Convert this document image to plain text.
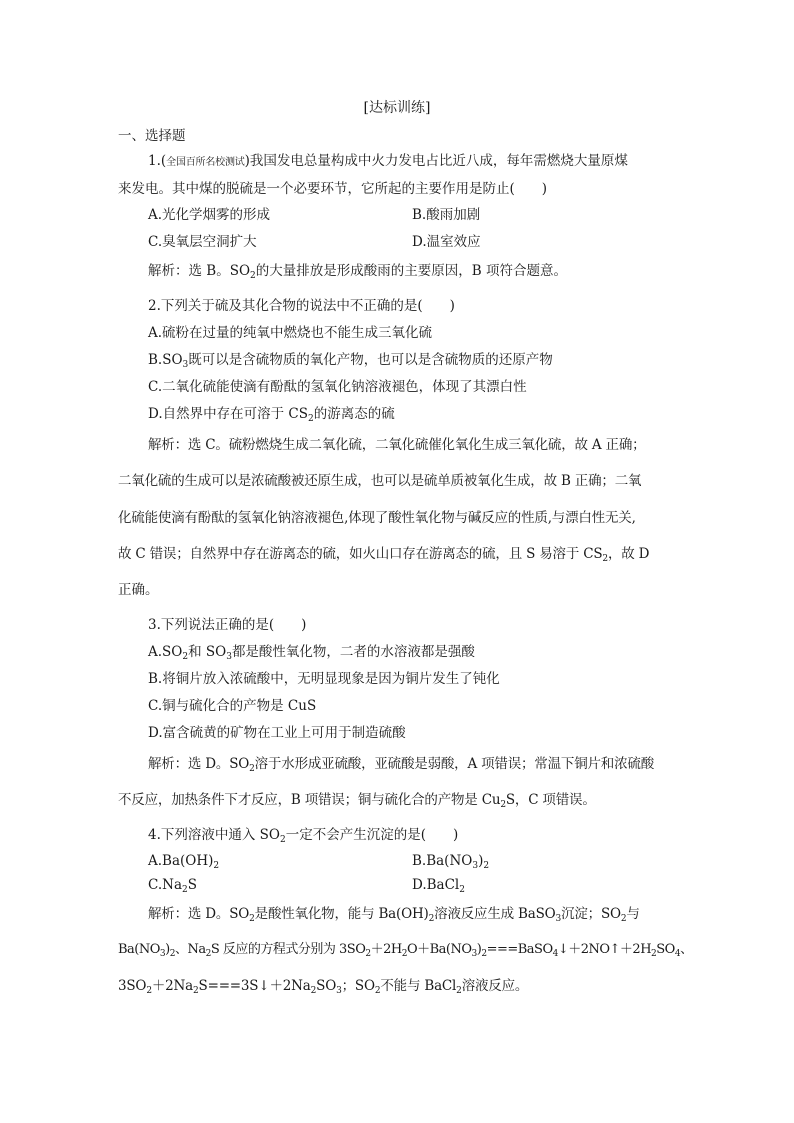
[达标训练]
一、选择题
1.(全国百所名校测试)我国发电总量构成中火力发电占比近八成，每年需燃烧大量原煤
来发电。其中煤的脱硫是一个必要环节，它所起的主要作用是防止(　　)
A.光化学烟雾的形成	B.酸雨加剧
C.臭氧层空洞扩大	D.温室效应
解析：选 B。$SO_2$的大量排放是形成酸雨的主要原因，B 项符合题意。
2.下列关于硫及其化合物的说法中不正确的是(　　)
A.硫粉在过量的纯氧中燃烧也不能生成三氧化硫
$B.SO_3$既可以是含硫物质的氧化产物，也可以是含硫物质的还原产物
C.二氧化硫能使滴有酚酞的氢氧化钠溶液褪色，体现了其漂白性
D.自然界中存在可溶于 $CS_2$的游离态的硫
解析：选 C。硫粉燃烧生成二氧化硫，二氧化硫催化氧化生成三氧化硫，故 A 正确；
二氧化硫的生成可以是浓硫酸被还原生成，也可以是硫单质被氧化生成，故 B 正确；二氧
化硫能使滴有酚酞的氢氧化钠溶液褪色,体现了酸性氧化物与碱反应的性质,与漂白性无关,
故 C 错误；自然界中存在游离态的硫，如火山口存在游离态的硫，且 S 易溶于 $CS_2$，故 D
正确。
3.下列说法正确的是(　　)
$A.SO_2$和 $SO_3$都是酸性氧化物，二者的水溶液都是强酸
B.将铜片放入浓硫酸中，无明显现象是因为铜片发生了钝化
C.铜与硫化合的产物是 CuS
D.富含硫黄的矿物在工业上可用于制造硫酸
解析：选 D。$SO_2$溶于水形成亚硫酸，亚硫酸是弱酸，A 项错误；常温下铜片和浓硫酸
不反应，加热条件下才反应，B 项错误；铜与硫化合的产物是 $Cu_2S$，C 项错误。
4.下列溶液中通入 $SO_2$一定不会产生沉淀的是(　　)
$A.Ba(OH)_2$	$B.Ba(NO_3)_2$
$C.Na_2S$	D.BaCl$_2$
解析：选 D。$SO_2$是酸性氧化物，能与 $Ba(OH)_2$溶液反应生成 BaSO$_3$沉淀；$SO_2$与
$Ba(NO_3)_2$、$Na_2S$ 反应的方程式分别为 $3SO_2+2H_2O+Ba(NO_3)_2===BaSO_4↓+2NO↑+2H_2SO_4$、
$3SO_2+2Na_2S===3S↓+2Na_2SO_3$；$SO_2$不能与 BaCl$_2$溶液反应。
